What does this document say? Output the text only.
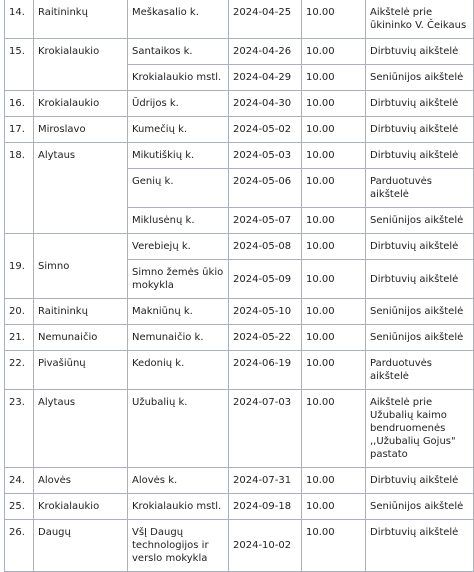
14.	Raitininkų	Meškasalio k.	2024-04-25	10.00	Aikštelė prie ūkininko V. Čeikaus
15.	Krokialaukio	Santaikos k.	2024-04-26	10.00	Dirbtuvių aikštelė
		Krokialaukio mstl.	2024-04-29	10.00	Seniūnijos aikštelė
16.	Krokialaukio	Ūdrijos k.	2024-04-30	10.00	Dirbtuvių aikštelė
17.	Miroslavo	Kumečių k.	2024-05-02	10.00	Dirbtuvių aikštelė
18.	Alytaus	Mikutiškių k.	2024-05-03	10.00	Dirbtuvių aikštelė
		Genių k.	2024-05-06	10.00	Parduotuvės aikštelė
		Miklusėnų k.	2024-05-07	10.00	Seniūnijos aikštelė
19.	Simno	Verebiejų k.	2024-05-08	10.00	Dirbtuvių aikštelė
		Simno žemės ūkio mokykla	2024-05-09	10.00	Dirbtuvių aikštelė
20.	Raitininkų	Makniūnų k.	2024-05-10	10.00	Seniūnijos aikštelė
21.	Nemunaičio	Nemunaičio k.	2024-05-22	10.00	Seniūnijos aikštelė
22.	Pivašiūnų	Kedonių k.	2024-06-19	10.00	Parduotuvės aikštelė
23.	Alytaus	Užubalių k.	2024-07-03	10.00	Aikštelė prie Užubalių kaimo bendruomenės ,,Užubalių Gojus" pastato
24.	Alovės	Alovės k.	2024-07-31	10.00	Dirbtuvių aikštelė
25.	Krokialaukio	Krokialaukio mstl.	2024-09-18	10.00	Seniūnijos aikštelė
26.	Daugų	VšĮ Daugų technologijos ir verslo mokykla	2024-10-02	10.00	Dirbtuvių aikštelė
